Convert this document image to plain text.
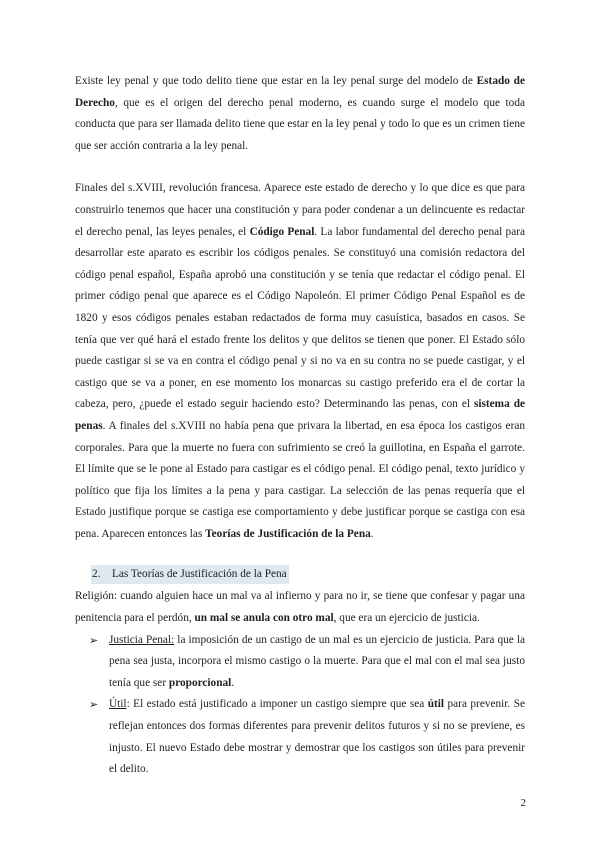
Existe ley penal y que todo delito tiene que estar en la ley penal surge del modelo de Estado de Derecho, que es el origen del derecho penal moderno, es cuando surge el modelo que toda conducta que para ser llamada delito tiene que estar en la ley penal y todo lo que es un crimen tiene que ser acción contraria a la ley penal.

Finales del s.XVIII, revolución francesa. Aparece este estado de derecho y lo que dice es que para construirlo tenemos que hacer una constitución y para poder condenar a un delincuente es redactar el derecho penal, las leyes penales, el Código Penal. La labor fundamental del derecho penal para desarrollar este aparato es escribir los códigos penales. Se constituyó una comisión redactora del código penal español, España aprobó una constitución y se tenía que redactar el código penal. El primer código penal que aparece es el Código Napoleón. El primer Código Penal Español es de 1820 y esos códigos penales estaban redactados de forma muy casuística, basados en casos. Se tenía que ver qué hará el estado frente los delitos y que delitos se tienen que poner. El Estado sólo puede castigar si se va en contra el código penal y si no va en su contra no se puede castigar, y el castigo que se va a poner, en ese momento los monarcas su castigo preferido era el de cortar la cabeza, pero, ¿puede el estado seguir haciendo esto? Determinando las penas, con el sistema de penas. A finales del s.XVIII no había pena que privara la libertad, en esa época los castigos eran corporales. Para que la muerte no fuera con sufrimiento se creó la guillotina, en España el garrote. El límite que se le pone al Estado para castigar es el código penal. El código penal, texto jurídico y político que fija los límites a la pena y para castigar. La selección de las penas requería que el Estado justifique porque se castiga ese comportamiento y debe justificar porque se castiga con esa pena. Aparecen entonces las Teorías de Justificación de la Pena.

2. Las Teorías de Justificación de la Pena

Religión: cuando alguien hace un mal va al infierno y para no ir, se tiene que confesar y pagar una penitencia para el perdón, un mal se anula con otro mal, que era un ejercicio de justicia.

➢ Justicia Penal: la imposición de un castigo de un mal es un ejercicio de justicia. Para que la pena sea justa, incorpora el mismo castigo o la muerte. Para que el mal con el mal sea justo tenía que ser proporcional.
➢ Útil: El estado está justificado a imponer un castigo siempre que sea útil para prevenir. Se reflejan entonces dos formas diferentes para prevenir delitos futuros y si no se previene, es injusto. El nuevo Estado debe mostrar y demostrar que los castigos son útiles para prevenir el delito.
2
